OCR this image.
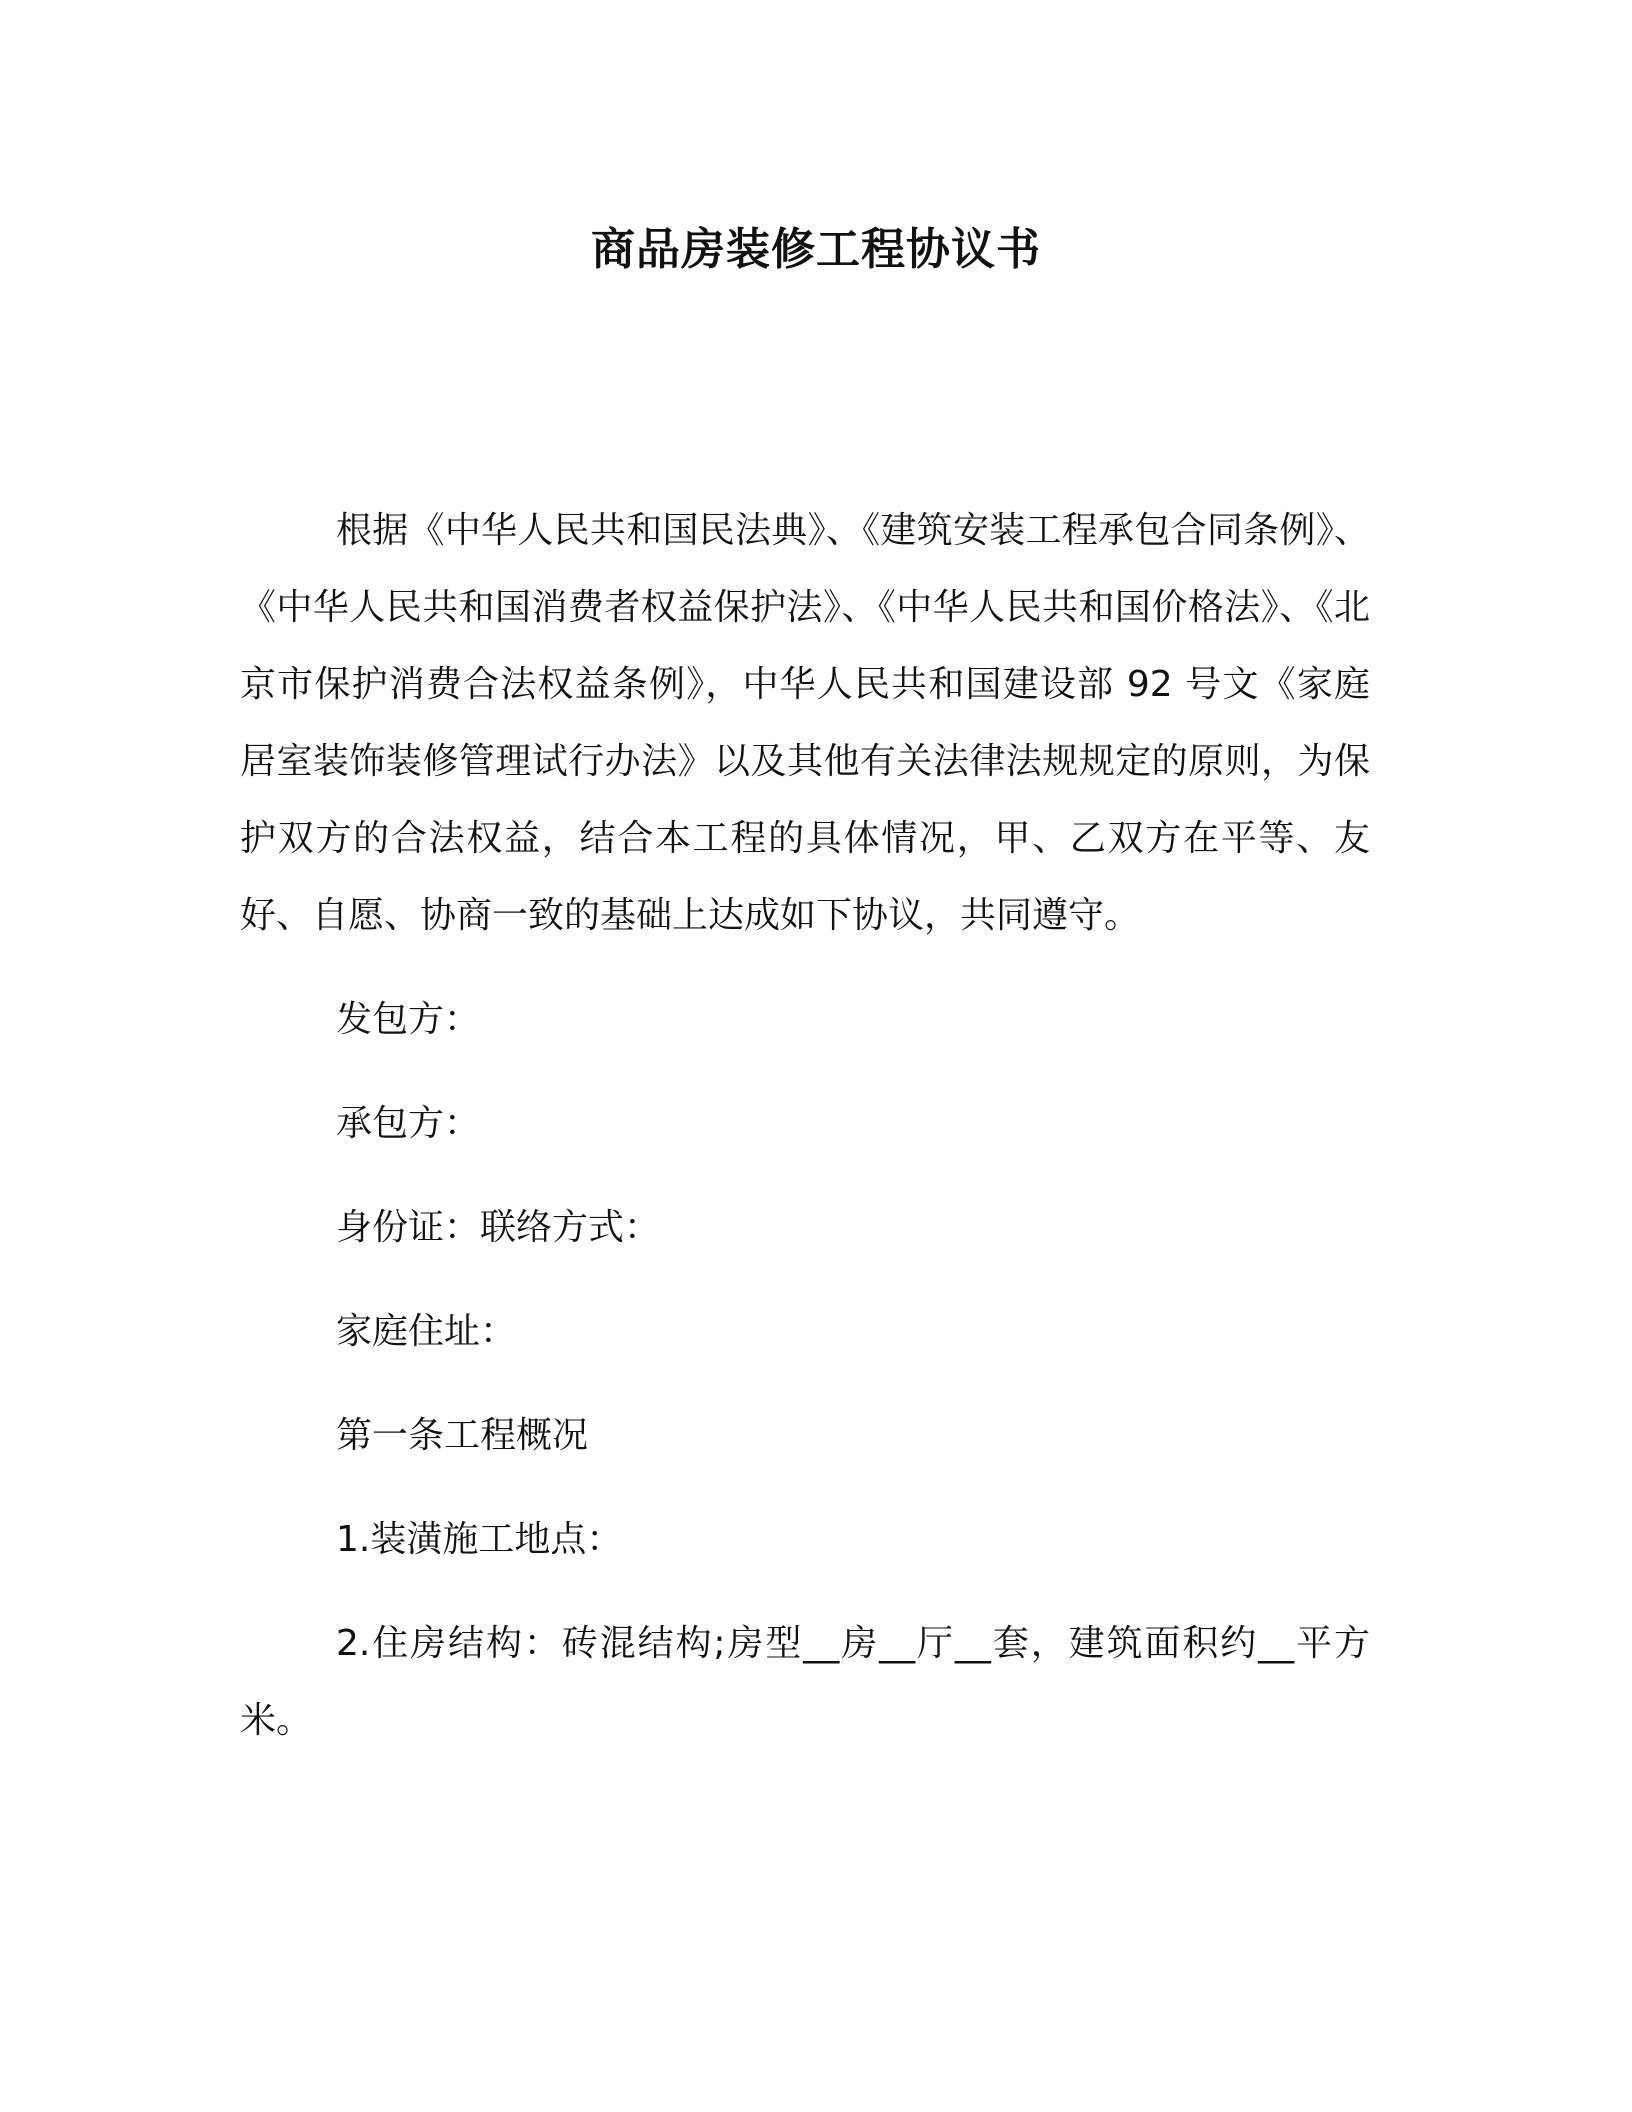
商品房装修工程协议书

根据《中华人民共和国民法典》、《建筑安装工程承包合同条例》、《中华人民共和国消费者权益保护法》、《中华人民共和国价格法》、《北京市保护消费合法权益条例》，中华人民共和国建设部 92 号文《家庭居室装饰装修管理试行办法》以及其他有关法律法规规定的原则，为保护双方的合法权益，结合本工程的具体情况，甲、乙双方在平等、友好、自愿、协商一致的基础上达成如下协议，共同遵守。

发包方：

承包方：

身份证：联络方式：

家庭住址：

第一条工程概况

1.装潢施工地点：

2.住房结构：砖混结构;房型__房__厅__套，建筑面积约__平方米。
